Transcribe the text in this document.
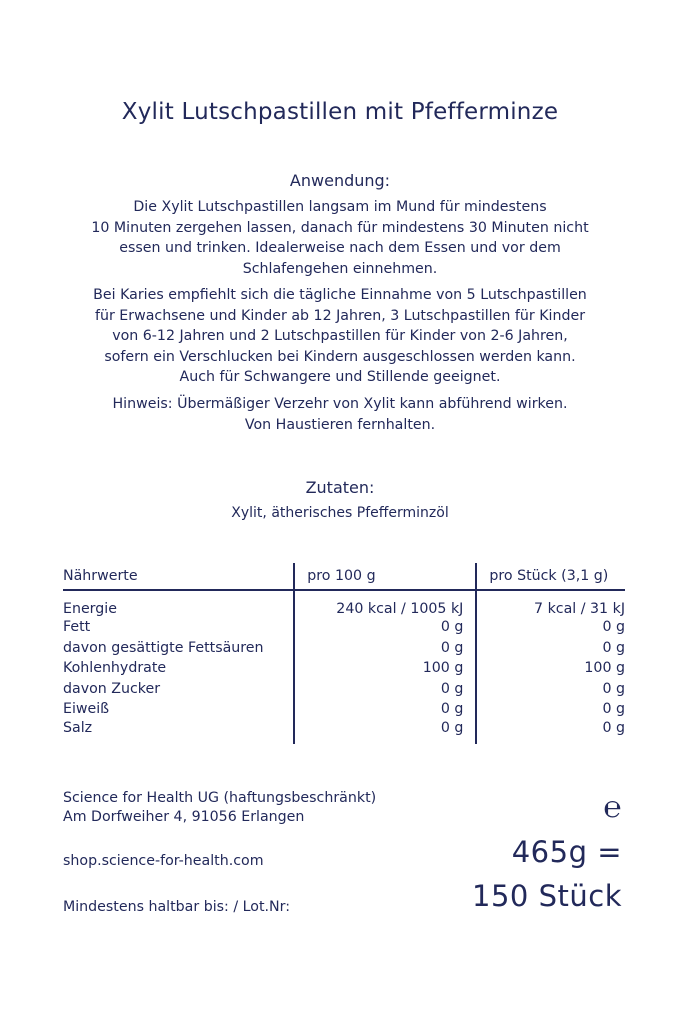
Xylit Lutschpastillen mit Pfefferminze
Anwendung:

Die Xylit Lutschpastillen langsam im Mund für mindestens
10 Minuten zergehen lassen, danach für mindestens 30 Minuten nicht
essen und trinken. Idealerweise nach dem Essen und vor dem
Schlafengehen einnehmen.

Bei Karies empfiehlt sich die tägliche Einnahme von 5 Lutschpastillen
für Erwachsene und Kinder ab 12 Jahren, 3 Lutschpastillen für Kinder
von 6-12 Jahren und 2 Lutschpastillen für Kinder von 2-6 Jahren,
sofern ein Verschlucken bei Kindern ausgeschlossen werden kann.
Auch für Schwangere und Stillende geeignet.

Hinweis: Übermäßiger Verzehr von Xylit kann abführend wirken.
Von Haustieren fernhalten.

Zutaten:
Xylit, ätherisches Pfefferminzöl
Nährwerte	pro 100 g	pro Stück (3,1 g)
Energie	240 kcal / 1005 kJ	7 kcal / 31 kJ
Fett	0 g	0 g
davon gesättigte Fettsäuren	0 g	0 g
Kohlenhydrate	100 g	100 g
davon Zucker	0 g	0 g
Eiweiß	0 g	0 g
Salz	0 g	0 g
Science for Health UG (haftungsbeschränkt)
Am Dorfweiher 4, 91056 Erlangen	℮
465g =
150 Stück
shop.science-for-health.com
Mindestens haltbar bis: / Lot.Nr:
